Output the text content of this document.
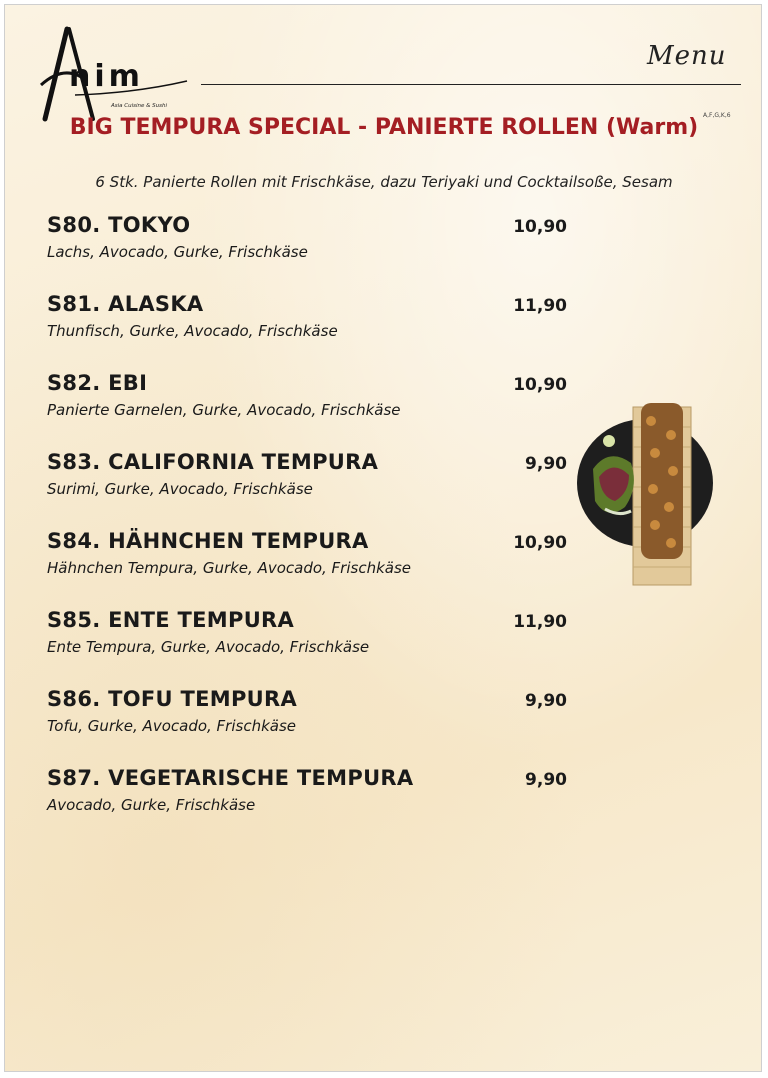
nim
Asia Cuisine & Sushi
Menu
BIG TEMPURA SPECIAL - PANIERTE ROLLEN (Warm) A,F,G,K,6
6 Stk. Panierte Rollen mit Frischkäse, dazu Teriyaki und Cocktailsoße, Sesam
S80. TOKYO	10,90
Lachs, Avocado, Gurke, Frischkäse
S81. ALASKA	11,90
Thunfisch, Gurke, Avocado, Frischkäse
S82. EBI	10,90
Panierte Garnelen, Gurke, Avocado, Frischkäse
S83. CALIFORNIA TEMPURA	9,90
Surimi, Gurke, Avocado, Frischkäse
S84. HÄHNCHEN TEMPURA	10,90
Hähnchen Tempura, Gurke, Avocado, Frischkäse
S85. ENTE TEMPURA	11,90
Ente Tempura, Gurke, Avocado, Frischkäse
S86. TOFU TEMPURA	9,90
Tofu, Gurke, Avocado, Frischkäse
S87. VEGETARISCHE TEMPURA	9,90
Avocado, Gurke, Frischkäse
